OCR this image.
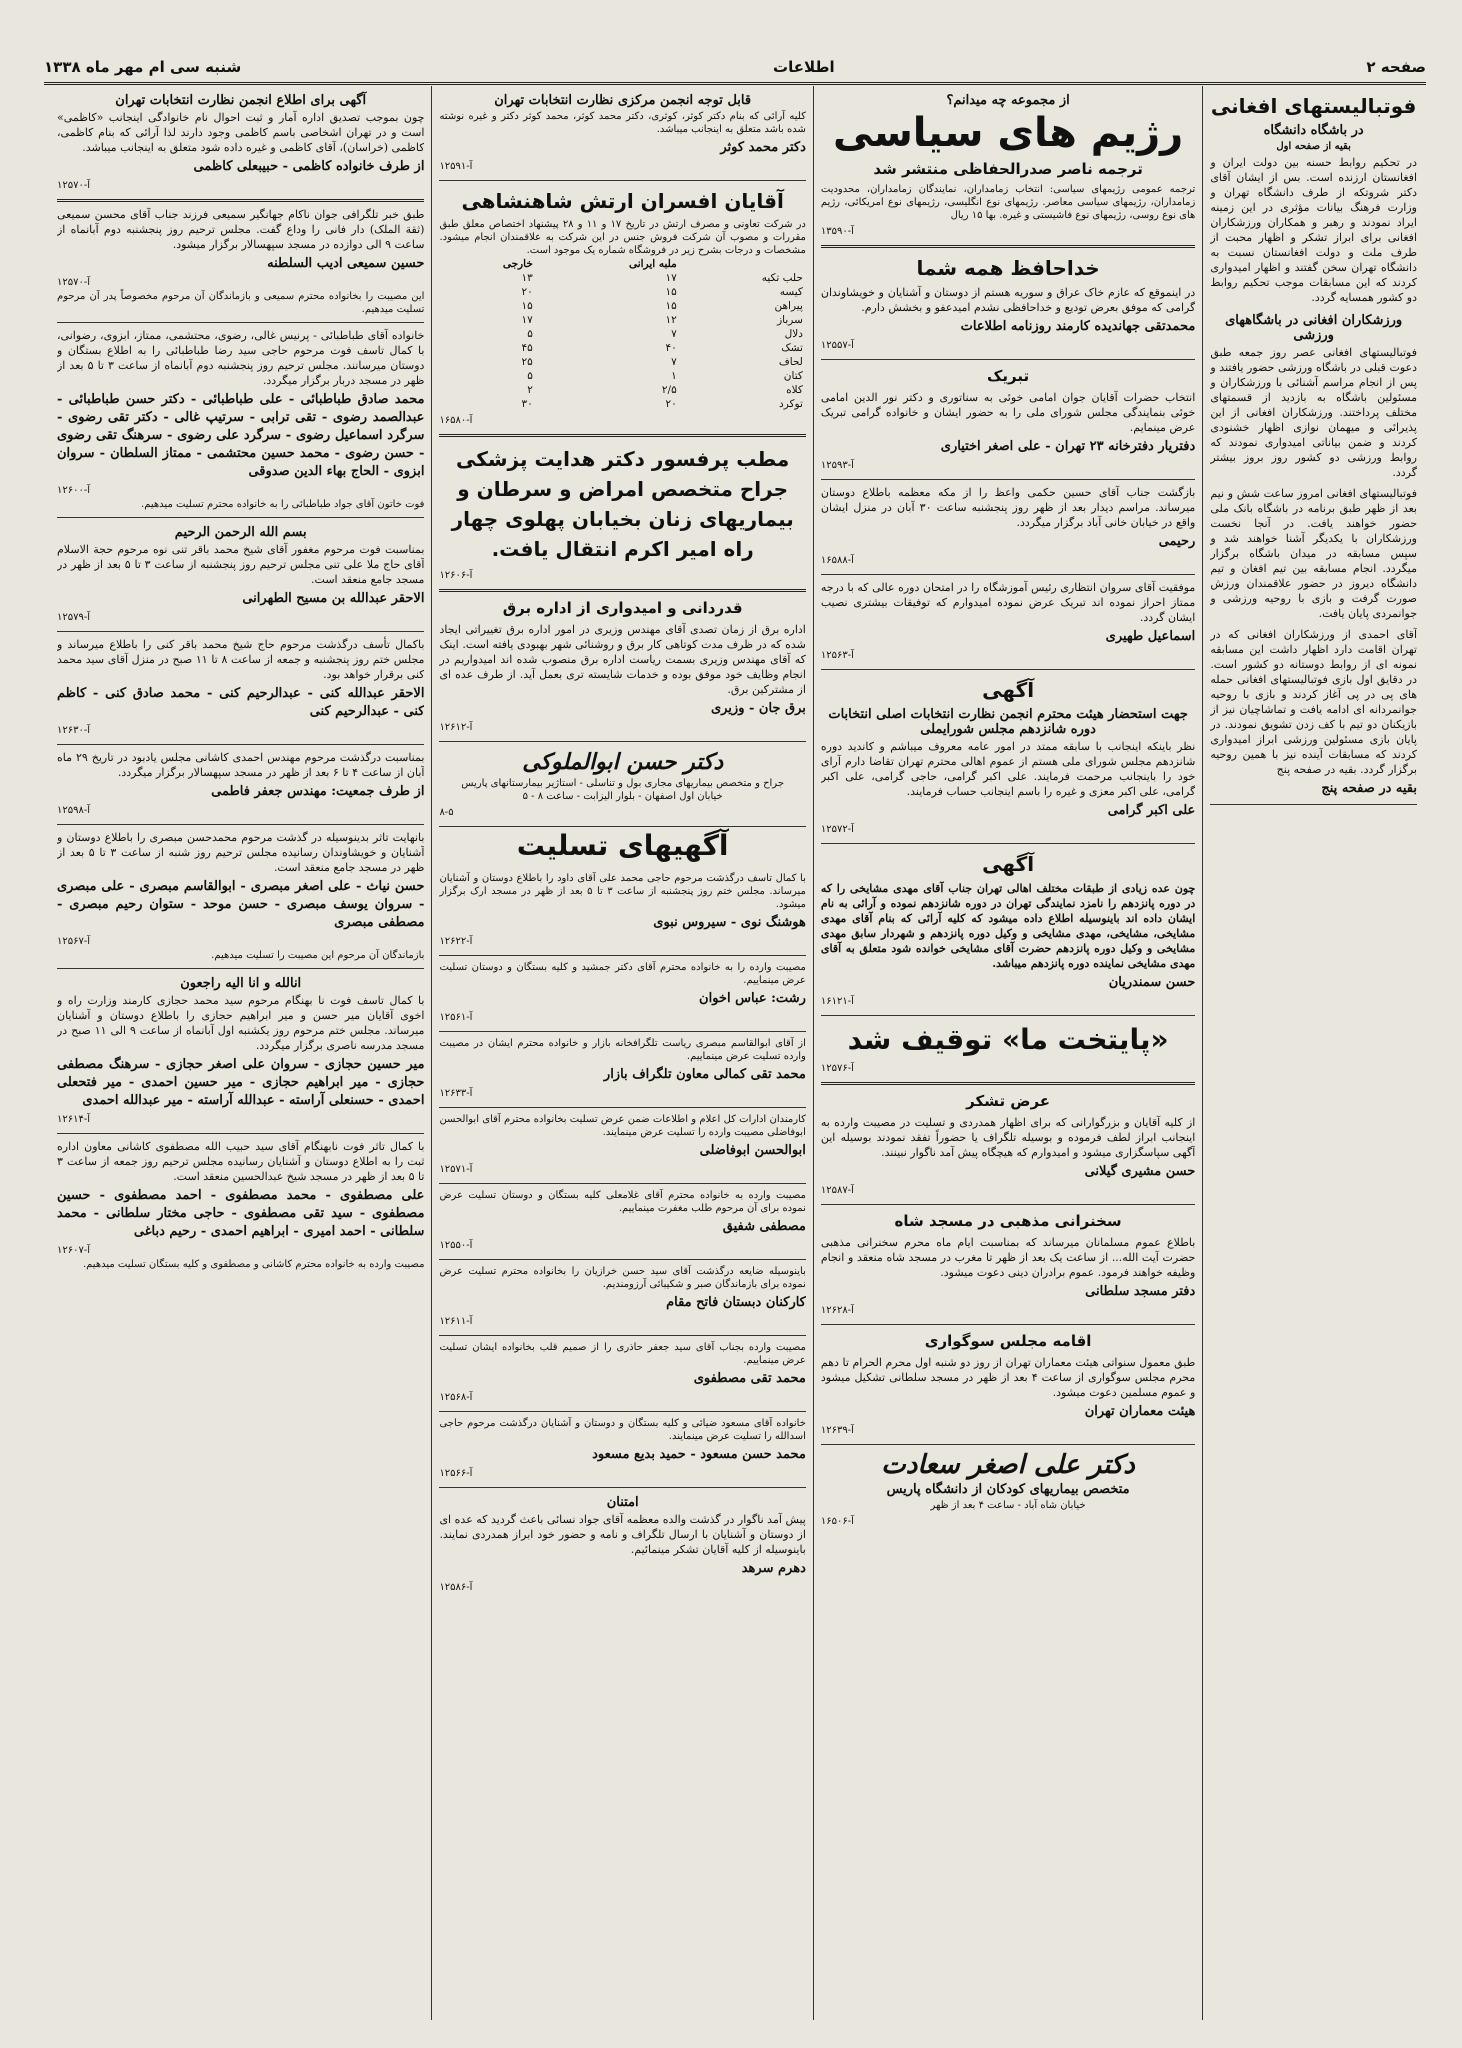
صفحه ۲
اطلاعات
شنبه سی ام مهر ماه ۱۳۳۸
فوتبالیستهای افغانی
در باشگاه دانشگاه
بقیه از صفحه اول
در تحکیم روابط حسنه بین دولت ایران و افغانستان ارزنده است. بس از ایشان آقای دکتر شروتکه از طرف دانشگاه تهران و وزارت فرهنگ بیانات مؤثری در این زمینه ایراد نمودند و رهبر و همکاران ورزشکاران افغانی برای ابراز تشکر و اظهار محبت از طرف ملت و دولت افغانستان نسبت به دانشگاه تهران سخن گفتند و اظهار امیدواری کردند که این مسابقات موجب تحکیم روابط دو کشور همسایه گردد.
ورزشکاران افغانی در باشگاههای ورزشی
فوتبالیستهای افغانی عصر روز جمعه طبق دعوت قبلی در باشگاه ورزشی حضور یافتند و پس از انجام مراسم آشنائی با ورزشکاران و مسئولین باشگاه به بازدید از قسمتهای مختلف پرداختند. ورزشکاران افغانی از این پذیرائی و میهمان نوازی اظهار خشنودی کردند و ضمن بیاناتی امیدواری نمودند که روابط ورزشی دو کشور روز بروز بیشتر گردد.
فوتبالیستهای افغانی امروز ساعت شش و نیم بعد از ظهر طبق برنامه در باشگاه بانک ملی حضور خواهند یافت. در آنجا نخست ورزشکاران با یکدیگر آشنا خواهند شد و سپس مسابقه در میدان باشگاه برگزار میگردد. انجام مسابقه بین تیم افغان و تیم دانشگاه دیروز در حضور علاقمندان ورزش صورت گرفت و بازی با روحیه ورزشی و جوانمردی پایان یافت.
آقای احمدی از ورزشکاران افغانی که در تهران اقامت دارد اظهار داشت این مسابقه نمونه ای از روابط دوستانه دو کشور است. در دقایق اول بازی فوتبالیستهای افغانی حمله های پی در پی آغاز کردند و بازی با روحیه جوانمردانه ای ادامه یافت و تماشاچیان نیز از بازیکنان دو تیم با کف زدن تشویق نمودند. در پایان بازی مسئولین ورزشی ابراز امیدواری کردند که مسابقات آینده نیز با همین روحیه برگزار گردد. بقیه در صفحه پنج
بقیه در صفحه پنج
از مجموعه چه میدانم؟
رژیم های سیاسی
ترجمه ناصر صدرالحفاظی منتشر شد
ترجمه عمومی رژیمهای سیاسی: انتخاب زمامداران، نمایندگان زمامداران، محدودیت زمامداران، رژیمهای سیاسی معاصر. رژیمهای نوع انگلیسی، رژیمهای نوع امریکائی، رژیم های نوع روسی، رژیمهای نوع فاشیستی و غیره. بها ۱۵ ریال
آ-۱۳۵۹۰
خداحافظ همه شما
در اینموقع که عازم خاک عراق و سوریه هستم از دوستان و آشنایان و خویشاوندان گرامی که موفق بعرض تودیع و خداحافظی نشدم امیدعفو و بخشش دارم.
محمدتقی جهاندیده کارمند روزنامه اطلاعات
آ-۱۲۵۵۷
تبریک
انتخاب حضرات آقایان جوان امامی خوئی به سناتوری و دکتر نور الدین امامی خوئی بنمایندگی مجلس شورای ملی را به حضور ایشان و خانواده گرامی تبریک عرض مینمایم.
دفتریار دفترخانه ۲۳ تهران - علی اصغر اختیاری
آ-۱۲۵۹۳
بازگشت جناب آقای حسین حکمی واعظ را از مکه معظمه باطلاع دوستان میرساند. مراسم دیدار بعد از ظهر روز پنجشنبه ساعت ۳۰ آبان در منزل ایشان واقع در خیابان خانی آباد برگزار میگردد.
رحیمی
آ-۱۶۵۸۸
موفقیت آقای سروان انتظاری رئیس آموزشگاه را در امتحان دوره عالی که با درجه ممتاز احراز نموده اند تبریک عرض نموده امیدوارم که توفیقات بیشتری نصیب ایشان گردد.
اسماعیل طهیری
آ-۱۲۵۶۳
آگهی
جهت استحضار هیئت محترم انجمن نظارت انتخابات اصلی انتخابات دوره شانزدهم مجلس شورایملی
نظر باینکه اینجانب با سابقه ممتد در امور عامه معروف میباشم و کاندید دوره شانزدهم مجلس شورای ملی هستم از عموم اهالی محترم تهران تقاضا دارم آرای خود را باینجانب مرحمت فرمایند. علی اکبر گرامی، حاجی گرامی، علی اکبر گرامی، علی اکبر معزی و غیره را باسم اینجانب حساب فرمایند.
علی اکبر گرامی
آ-۱۲۵۷۲
آگهی
چون عده زیادی از طبقات مختلف اهالی تهران جناب آقای مهدی مشایخی را که در دوره پانزدهم را نامزد نمایندگی تهران در دوره شانزدهم نموده و آرائی به نام ایشان داده اند باینوسیله اطلاع داده میشود که کلیه آرائی که بنام آقای مهدی مشایخی، مشایخی، مهدی مشایخی و وکیل دوره پانزدهم و شهردار سابق مهدی مشایخی و وکیل دوره پانزدهم حضرت آقای مشایخی خوانده شود متعلق به آقای مهدی مشایخی نماینده دوره پانزدهم میباشد.
حسن سمندریان
آ-۱۶۱۲۱
«پایتخت ما» توقیف شد
آ-۱۲۵۷۶
عرض تشکر
از کلیه آقایان و بزرگوارانی که برای اظهار همدردی و تسلیت در مصیبت وارده به اینجانب ابراز لطف فرموده و بوسیله تلگراف یا حضوراً تفقد نمودند بوسیله این آگهی سپاسگزاری میشود و امیدوارم که هیچگاه پیش آمد ناگوار نبینند.
حسن مشیری گیلانی
آ-۱۲۵۸۷
سخنرانی مذهبی در مسجد شاه
باطلاع عموم مسلمانان میرساند که بمناسبت ایام ماه محرم سخنرانی مذهبی حضرت آیت الله... از ساعت یک بعد از ظهر تا مغرب در مسجد شاه منعقد و انجام وظیفه خواهند فرمود. عموم برادران دینی دعوت میشود.
دفتر مسجد سلطانی
آ-۱۲۶۲۸
اقامه مجلس سوگواری
طبق معمول سنواتی هیئت معماران تهران از روز دو شنبه اول محرم الحرام تا دهم محرم مجلس سوگواری از ساعت ۴ بعد از ظهر در مسجد سلطانی تشکیل میشود و عموم مسلمین دعوت میشود.
هیئت معماران تهران
آ-۱۲۶۳۹
دکتر علی اصغر سعادت
متخصص بیماریهای کودکان از دانشگاه پاریس
خیابان شاه آباد - ساعت ۴ بعد از ظهر
آ-۱۶۵۰۶
قابل توجه انجمن مرکزی نظارت انتخابات تهران
کلیه آرائی که بنام دکتر کوثر، کوثری، دکتر محمد کوثر، محمد کوثر دکتر و غیره نوشته شده باشد متعلق به اینجانب میباشد.
دکتر محمد کوثر
آ-۱۲۵۹۱
آقایان افسران ارتش شاهنشاهی
در شرکت تعاونی و مصرف ارتش در تاریخ ۱۷ و ۱۱ و ۲۸ پیشنهاد اختصاص معلق طبق مقررات و مصوب آن شرکت فروش جنس در این شرکت به علاقمندان انجام میشود. مشخصات و درجات بشرح زیر در فروشگاه شماره یک موجود است.
	ملبه ایرانی	خارجی
حلب تکیه	۱۷	۱۳
کیسه	۱۵	۲۰
پیراهن	۱۵	۱۵
سرباز	۱۲	۱۷
دلال	۷	۵
تشک	۴۰	۴۵
لحاف	۷	۲۵
کتان	۱	۵
کلاه	۲/۵	۲
توکرد	۲۰	۳۰
آ-۱۶۵۸۰
مطب پرفسور دکتر هدایت پزشکی جراح متخصص امراض و سرطان و بیماریهای زنان بخیابان پهلوی چهار راه امیر اکرم انتقال یافت.
آ-۱۲۶۰۶
قدردانی و امیدواری از اداره برق
اداره برق از زمان تصدی آقای مهندس وزیری در امور اداره برق تغییراتی ایجاد شده که در ظرف مدت کوتاهی کار برق و روشنائی شهر بهبودی یافته است. اینک که آقای مهندس وزیری بسمت ریاست اداره برق منصوب شده اند امیدواریم در انجام وظایف خود موفق بوده و خدمات شایسته تری بعمل آید. از طرف عده ای از مشترکین برق.
برق جان - وزیری
آ-۱۲۶۱۲
دکتر حسن ابوالملوکی
جراح و متخصص بیماریهای مجاری بول و تناسلی - استاژیر بیمارستانهای پاریس
خیابان اول اصفهان - بلوار الیزابت - ساعت ۸ - ۵
۸-۵
آگهیهای تسلیت
با کمال تاسف درگذشت مرحوم حاجی محمد علی آقای داود را باطلاع دوستان و آشنایان میرساند. مجلس ختم روز پنجشنبه از ساعت ۳ تا ۵ بعد از ظهر در مسجد ارک برگزار میشود.
هوشنگ نوی - سیروس نبوی
آ-۱۲۶۲۲
مصیبت وارده را به خانواده محترم آقای دکتر جمشید و کلیه بستگان و دوستان تسلیت عرض مینماییم.
رشت: عباس اخوان
آ-۱۲۵۶۱
از آقای ابوالقاسم مبصری ریاست تلگرافخانه بازار و خانواده محترم ایشان در مصیبت وارده تسلیت عرض مینماییم.
محمد تقی کمالی معاون تلگراف بازار
آ-۱۲۶۳۳
کارمندان ادارات کل اعلام و اطلاعات ضمن عرض تسلیت بخانواده محترم آقای ابوالحسن ابوفاضلی مصیبت وارده را تسلیت عرض مینمایند.
ابوالحسن ابوفاضلی
آ-۱۲۵۷۱
مصیبت وارده به خانواده محترم آقای غلامعلی کلیه بستگان و دوستان تسلیت عرض نموده برای آن مرحوم طلب مغفرت مینماییم.
مصطفی شفیق
آ-۱۲۵۵۰
باینوسیله ضایعه درگذشت آقای سید حسن خرازیان را بخانواده محترم تسلیت عرض نموده برای بازماندگان صبر و شکیبائی آرزومندیم.
کارکنان دبستان فاتح مقام
آ-۱۲۶۱۱
مصیبت وارده بجناب آقای سید جعفر حاذری را از صمیم قلب بخانواده ایشان تسلیت عرض مینماییم.
محمد تقی مصطفوی
آ-۱۲۵۶۸
خانواده آقای مسعود ضیائی و کلیه بستگان و دوستان و آشنایان درگذشت مرحوم حاجی اسدالله را تسلیت عرض مینمایند.
محمد حسن مسعود - حمید بدیع مسعود
آ-۱۲۵۶۶
امتنان
پیش آمد ناگوار در گذشت والده معظمه آقای جواد نسائی باعث گردید که عده ای از دوستان و آشنایان با ارسال تلگراف و نامه و حضور خود ابراز همدردی نمایند. باینوسیله از کلیه آقایان تشکر مینمائیم.
دهرم سرهد
آ-۱۲۵۸۶
آگهی برای اطلاع انجمن نظارت انتخابات تهران
چون بموجب تصدیق اداره آمار و ثبت احوال نام خانوادگی اینجانب «کاظمی» است و در تهران اشخاصی باسم کاظمی وجود دارند لذا آرائی که بنام کاظمی، کاظمی (خراسان)، آقای کاظمی و غیره داده شود متعلق به اینجانب میباشد.
از طرف خانواده کاظمی - حبیبعلی کاظمی
آ-۱۲۵۷۰
طبق خبر تلگرافی جوان ناکام جهانگیر سمیعی فرزند جناب آقای محسن سمیعی (ثقة الملک) دار فانی را وداع گفت. مجلس ترحیم روز پنجشنبه دوم آبانماه از ساعت ۹ الی دوازده در مسجد سپهسالار برگزار میشود.
حسین سمیعی ادیب السلطنه
آ-۱۲۵۷۰
این مصیبت را بخانواده محترم سمیعی و بازماندگان آن مرحوم مخصوصاً پدر آن مرحوم تسلیت میدهیم.
خانواده آقای طباطبائی - پرنیس غالی، رضوی، محتشمی، ممتاز، ابزوی، رضوانی، با کمال تاسف فوت مرحوم حاجی سید رضا طباطبائی را به اطلاع بستگان و دوستان میرسانند. مجلس ترحیم روز پنجشنبه دوم آبانماه از ساعت ۳ تا ۵ بعد از ظهر در مسجد دربار برگزار میگردد.
محمد صادق طباطبائی - علی طباطبائی - دکتر حسن طباطبائی - عبدالصمد رضوی - تقی ترابی - سرتیپ غالی - دکتر تقی رضوی - سرگرد اسماعیل رضوی - سرگرد علی رضوی - سرهنگ تقی رضوی - حسن رضوی - محمد حسین محتشمی - ممتاز السلطان - سروان ابزوی - الحاج بهاء الدین صدوقی
آ-۱۲۶۰۰
فوت خاتون آقای جواد طباطبائی را به خانواده محترم تسلیت میدهیم.
بسم الله الرحمن الرحیم
بمناسبت فوت مرحوم مغفور آقای شیخ محمد باقر تنی نوه مرحوم حجة الاسلام آقای حاج ملا علی تنی مجلس ترحیم روز پنجشنبه از ساعت ۳ تا ۵ بعد از ظهر در مسجد جامع منعقد است.
الاحقر عبدالله بن مسیح الطهرانی
آ-۱۲۵۷۹
باکمال تأسف درگذشت مرحوم حاج شیخ محمد باقر کنی را باطلاع میرساند و مجلس ختم روز پنجشنبه و جمعه از ساعت ۸ تا ۱۱ صبح در منزل آقای سید محمد کنی برقرار خواهد بود.
الاحقر عبدالله کنی - عبدالرحیم کنی - محمد صادق کنی - کاظم کنی - عبدالرحیم کنی
آ-۱۲۶۳۰
بمناسبت درگذشت مرحوم مهندس احمدی کاشانی مجلس یادبود در تاریخ ۲۹ ماه آبان از ساعت ۴ تا ۶ بعد از ظهر در مسجد سپهسالار برگزار میگردد.
از طرف جمعیت: مهندس جعفر فاطمی
آ-۱۲۵۹۸
بانهایت تاثر بدینوسیله در گذشت مرحوم محمدحسن مبصری را باطلاع دوستان و آشنایان و خویشاوندان رسانیده مجلس ترحیم روز شنبه از ساعت ۳ تا ۵ بعد از ظهر در مسجد جامع منعقد است.
حسن نیاث - علی اصغر مبصری - ابوالقاسم مبصری - علی مبصری - سروان یوسف مبصری - حسن موحد - ستوان رحیم مبصری - مصطفی مبصری
آ-۱۲۵۶۷
بازماندگان آن مرحوم این مصیبت را تسلیت میدهیم.
انالله و انا الیه راجعون
با کمال تاسف فوت نا بهنگام مرحوم سید محمد حجازی کارمند وزارت راه و اخوی آقایان میر حسن و میر ابراهیم حجازی را باطلاع دوستان و آشنایان میرساند. مجلس ختم مرحوم روز یکشنبه اول آبانماه از ساعت ۹ الی ۱۱ صبح در مسجد مدرسه ناصری برگزار میگردد.
میر حسین حجازی - سروان علی اصغر حجازی - سرهنگ مصطفی حجازی - میر ابراهیم حجازی - میر حسین احمدی - میر فتحعلی احمدی - حسنعلی آراسته - عبدالله آراسته - میر عبدالله احمدی
آ-۱۲۶۱۴
با کمال تاثر فوت نابهنگام آقای سید حبیب الله مصطفوی کاشانی معاون اداره ثبت را به اطلاع دوستان و آشنایان رسانیده مجلس ترحیم روز جمعه از ساعت ۳ تا ۵ بعد از ظهر در مسجد شیخ عبدالحسین منعقد است.
علی مصطفوی - محمد مصطفوی - احمد مصطفوی - حسین مصطفوی - سید تقی مصطفوی - حاجی مختار سلطانی - محمد سلطانی - احمد امیری - ابراهیم احمدی - رحیم دباغی
آ-۱۲۶۰۷
مصیبت وارده به خانواده محترم کاشانی و مصطفوی و کلیه بستگان تسلیت میدهیم.
